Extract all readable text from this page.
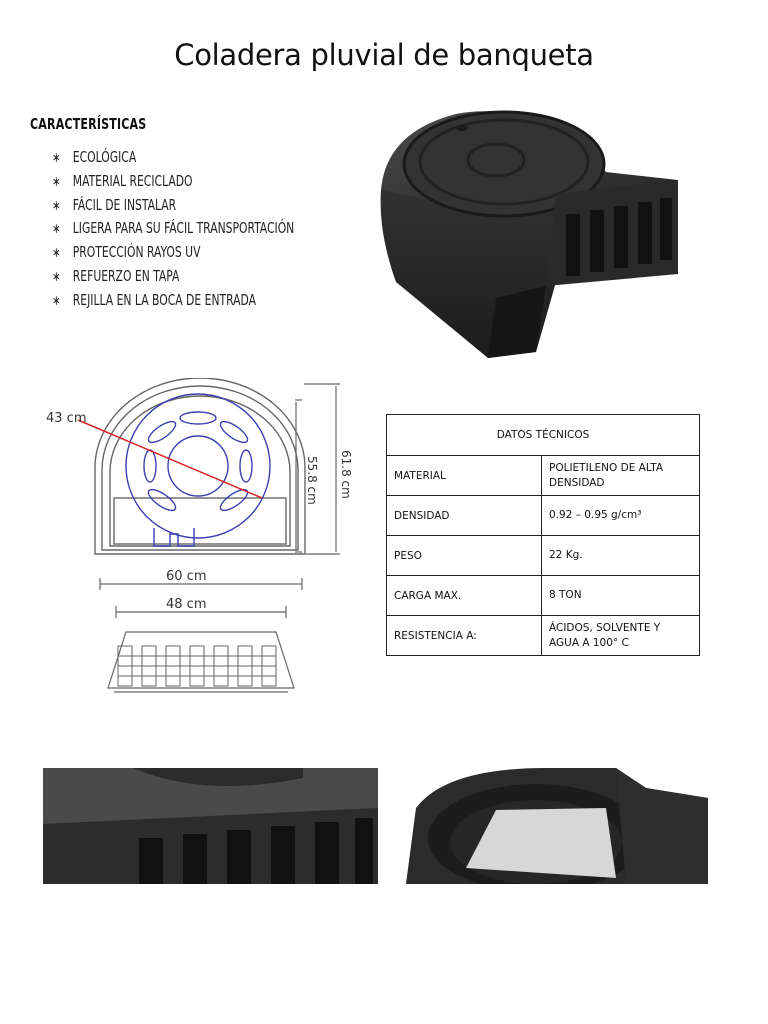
Coladera pluvial de banqueta
CARACTERÍSTICAS
∗ ECOLÓGICA
∗ MATERIAL RECICLADO
∗ FÁCIL DE INSTALAR
∗ LIGERA PARA SU FÁCIL TRANSPORTACIÓN
∗ PROTECCIÓN RAYOS UV
∗ REFUERZO EN TAPA
∗ REJILLA EN LA BOCA DE ENTRADA
43 cm
55.8 cm 61.8 cm
60 cm
48 cm
DATOS TÉCNICOS	
MATERIAL	POLIETILENO DE ALTA DENSIDAD
DENSIDAD	0.92 – 0.95 g/cm³
PESO	22 Kg.
CARGA MAX.	8 TON
RESISTENCIA A:	ÁCIDOS, SOLVENTE Y AGUA A 100° C
